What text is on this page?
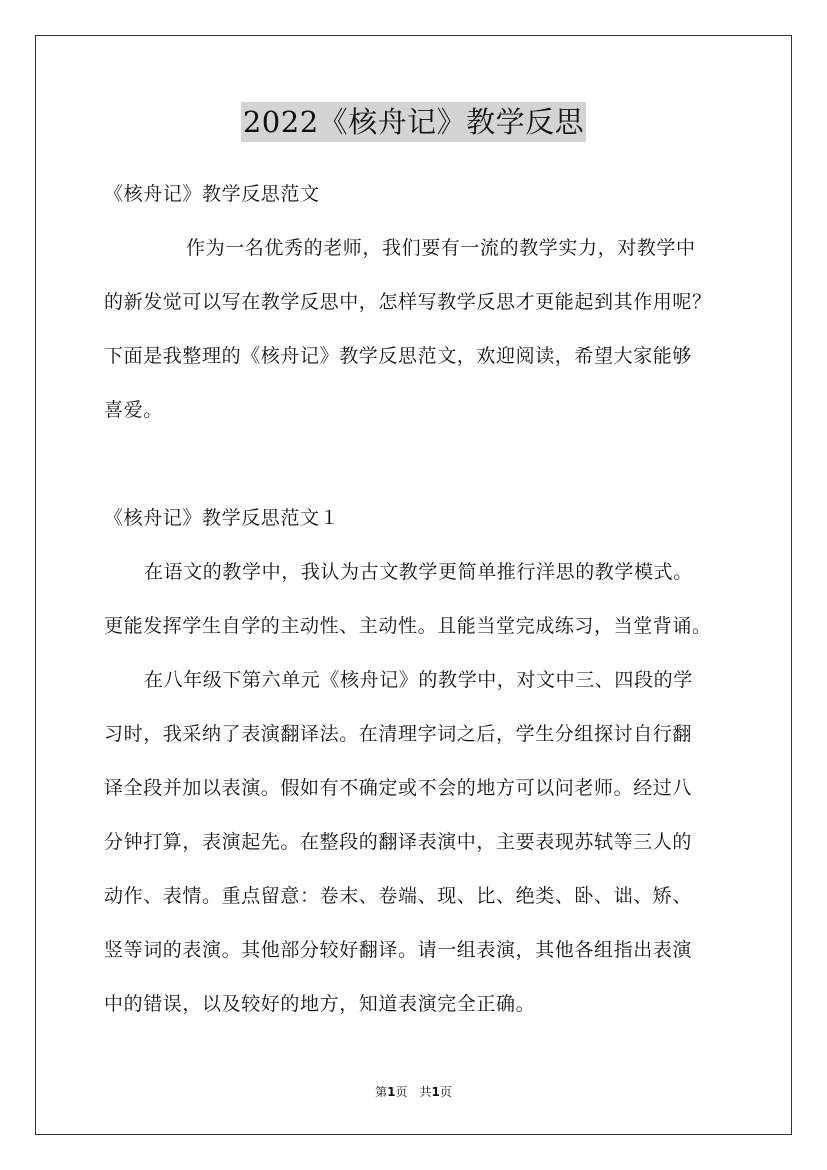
2022《核舟记》教学反思
《核舟记》教学反思范文
作为一名优秀的老师，我们要有一流的教学实力，对教学中
的新发觉可以写在教学反思中，怎样写教学反思才更能起到其作用呢？
下面是我整理的《核舟记》教学反思范文，欢迎阅读，希望大家能够
喜爱。
《核舟记》教学反思范文１
在语文的教学中，我认为古文教学更简单推行洋思的教学模式。
更能发挥学生自学的主动性、主动性。且能当堂完成练习，当堂背诵。
在八年级下第六单元《核舟记》的教学中，对文中三、四段的学
习时，我采纳了表演翻译法。在清理字词之后，学生分组探讨自行翻
译全段并加以表演。假如有不确定或不会的地方可以问老师。经过八
分钟打算，表演起先。在整段的翻译表演中，主要表现苏轼等三人的
动作、表情。重点留意：卷末、卷端、现、比、绝类、卧、诎、矫、
竖等词的表演。其他部分较好翻译。请一组表演，其他各组指出表演
中的错误，以及较好的地方，知道表演完全正确。
第1页　共1页
